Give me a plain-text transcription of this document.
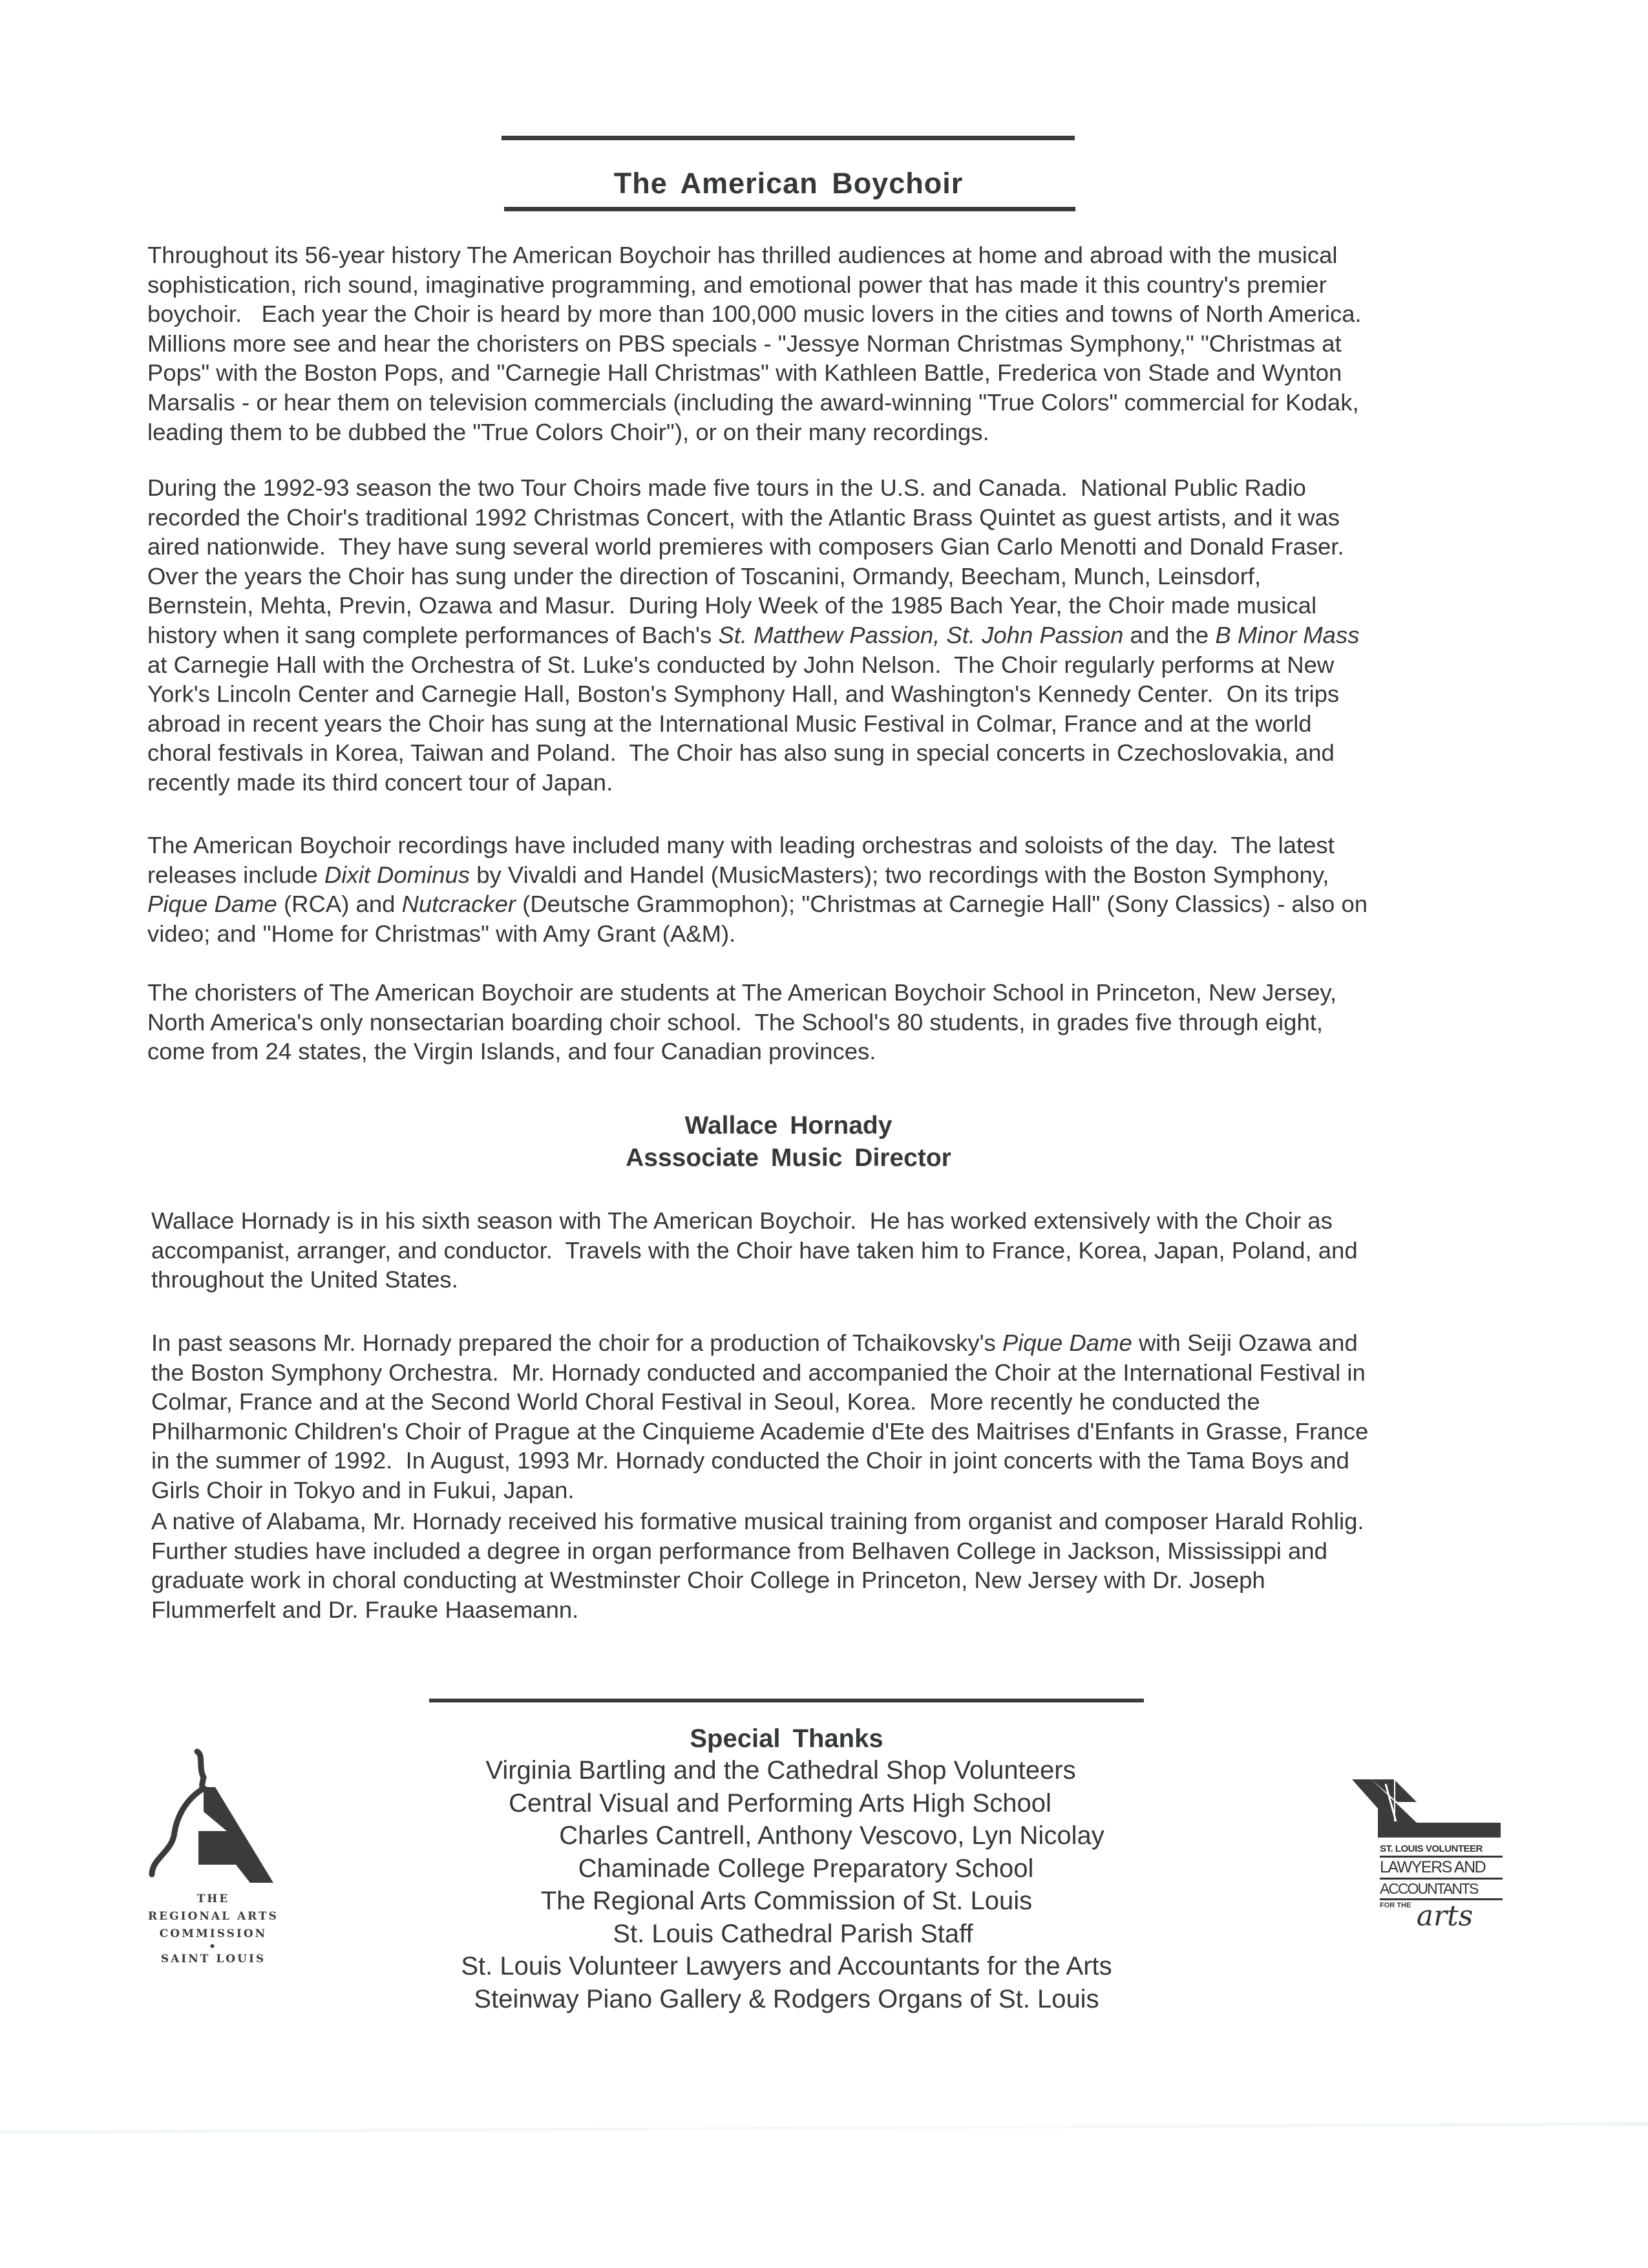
The American Boychoir
Throughout its 56-year history The American Boychoir has thrilled audiences at home and abroad with the musical
sophistication, rich sound, imaginative programming, and emotional power that has made it this country's premier
boychoir.   Each year the Choir is heard by more than 100,000 music lovers in the cities and towns of North America.
Millions more see and hear the choristers on PBS specials - "Jessye Norman Christmas Symphony," "Christmas at
Pops" with the Boston Pops, and "Carnegie Hall Christmas" with Kathleen Battle, Frederica von Stade and Wynton
Marsalis - or hear them on television commercials (including the award-winning "True Colors" commercial for Kodak,
leading them to be dubbed the "True Colors Choir"), or on their many recordings.
During the 1992-93 season the two Tour Choirs made five tours in the U.S. and Canada.  National Public Radio
recorded the Choir's traditional 1992 Christmas Concert, with the Atlantic Brass Quintet as guest artists, and it was
aired nationwide.  They have sung several world premieres with composers Gian Carlo Menotti and Donald Fraser.
Over the years the Choir has sung under the direction of Toscanini, Ormandy, Beecham, Munch, Leinsdorf,
Bernstein, Mehta, Previn, Ozawa and Masur.  During Holy Week of the 1985 Bach Year, the Choir made musical
history when it sang complete performances of Bach's St. Matthew Passion, St. John Passion and the B Minor Mass
at Carnegie Hall with the Orchestra of St. Luke's conducted by John Nelson.  The Choir regularly performs at New
York's Lincoln Center and Carnegie Hall, Boston's Symphony Hall, and Washington's Kennedy Center.  On its trips
abroad in recent years the Choir has sung at the International Music Festival in Colmar, France and at the world
choral festivals in Korea, Taiwan and Poland.  The Choir has also sung in special concerts in Czechoslovakia, and
recently made its third concert tour of Japan.
The American Boychoir recordings have included many with leading orchestras and soloists of the day.  The latest
releases include Dixit Dominus by Vivaldi and Handel (MusicMasters); two recordings with the Boston Symphony,
Pique Dame (RCA) and Nutcracker (Deutsche Grammophon); "Christmas at Carnegie Hall" (Sony Classics) - also on
video; and "Home for Christmas" with Amy Grant (A&M).
The choristers of The American Boychoir are students at The American Boychoir School in Princeton, New Jersey,
North America's only nonsectarian boarding choir school.  The School's 80 students, in grades five through eight,
come from 24 states, the Virgin Islands, and four Canadian provinces.
Wallace Hornady
Asssociate Music Director
Wallace Hornady is in his sixth season with The American Boychoir.  He has worked extensively with the Choir as
accompanist, arranger, and conductor.  Travels with the Choir have taken him to France, Korea, Japan, Poland, and
throughout the United States.
In past seasons Mr. Hornady prepared the choir for a production of Tchaikovsky's Pique Dame with Seiji Ozawa and
the Boston Symphony Orchestra.  Mr. Hornady conducted and accompanied the Choir at the International Festival in
Colmar, France and at the Second World Choral Festival in Seoul, Korea.  More recently he conducted the
Philharmonic Children's Choir of Prague at the Cinquieme Academie d'Ete des Maitrises d'Enfants in Grasse, France
in the summer of 1992.  In August, 1993 Mr. Hornady conducted the Choir in joint concerts with the Tama Boys and
Girls Choir in Tokyo and in Fukui, Japan.
A native of Alabama, Mr. Hornady received his formative musical training from organist and composer Harald Rohlig.
Further studies have included a degree in organ performance from Belhaven College in Jackson, Mississippi and
graduate work in choral conducting at Westminster Choir College in Princeton, New Jersey with Dr. Joseph
Flummerfelt and Dr. Frauke Haasemann.
Special Thanks
Virginia Bartling and the Cathedral Shop Volunteers
Central Visual and Performing Arts High School
Charles Cantrell, Anthony Vescovo, Lyn Nicolay
Chaminade College Preparatory School
The Regional Arts Commission of St. Louis
St. Louis Cathedral Parish Staff
St. Louis Volunteer Lawyers and Accountants for the Arts
Steinway Piano Gallery & Rodgers Organs of St. Louis
THE
REGIONAL ARTS
COMMISSION
•
SAINT LOUIS
ST. LOUIS VOLUNTEER
LAWYERS AND
ACCOUNTANTS
$^{FOR THE}$ arts
